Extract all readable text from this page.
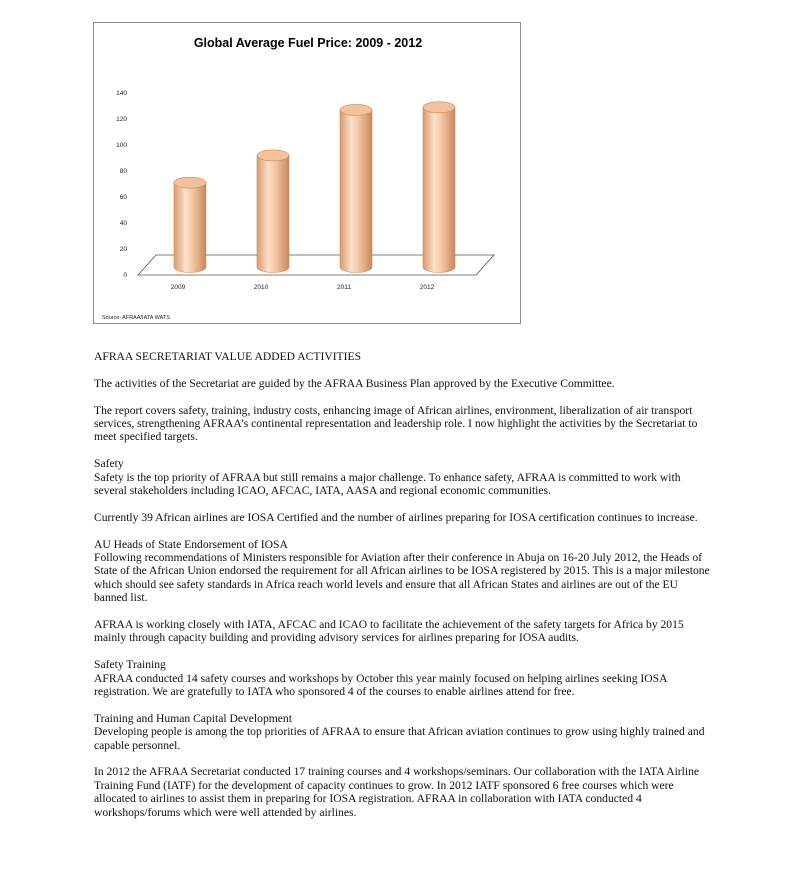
Global Average Fuel Price: 2009 - 2012
0
20
40
60
80
100
120
140
2009	2010	2011	2012
Source: AFRAA/IATA WATS

AFRAA SECRETARIAT VALUE ADDED ACTIVITIES

The activities of the Secretariat are guided by the AFRAA Business Plan approved by the Executive Committee.

The report covers safety, training, industry costs, enhancing image of African airlines, environment, liberalization of air transport services, strengthening AFRAA’s continental representation and leadership role. I now highlight the activities by the Secretariat to meet specified targets.

Safety
Safety is the top priority of AFRAA but still remains a major challenge. To enhance safety, AFRAA is committed to work with several stakeholders including ICAO, AFCAC, IATA, AASA and regional economic communities.

Currently 39 African airlines are IOSA Certified and the number of airlines preparing for IOSA certification continues to increase.

AU Heads of State Endorsement of IOSA
Following recommendations of Ministers responsible for Aviation after their conference in Abuja on 16-20 July 2012, the Heads of State of the African Union endorsed the requirement for all African airlines to be IOSA registered by 2015. This is a major milestone which should see safety standards in Africa reach world levels and ensure that all African States and airlines are out of the EU banned list.

AFRAA is working closely with IATA, AFCAC and ICAO to facilitate the achievement of the safety targets for Africa by 2015 mainly through capacity building and providing advisory services for airlines preparing for IOSA audits.

Safety Training
AFRAA conducted 14 safety courses and workshops by October this year mainly focused on helping airlines seeking IOSA registration. We are gratefully to IATA who sponsored 4 of the courses to enable airlines attend for free.

Training and Human Capital Development
Developing people is among the top priorities of AFRAA to ensure that African aviation continues to grow using highly trained and capable personnel.

In 2012 the AFRAA Secretariat conducted 17 training courses and 4 workshops/seminars. Our collaboration with the IATA Airline Training Fund (IATF) for the development of capacity continues to grow. In 2012 IATF sponsored 6 free courses which were allocated to airlines to assist them in preparing for IOSA registration. AFRAA in collaboration with IATA conducted 4 workshops/forums which were well attended by airlines.
